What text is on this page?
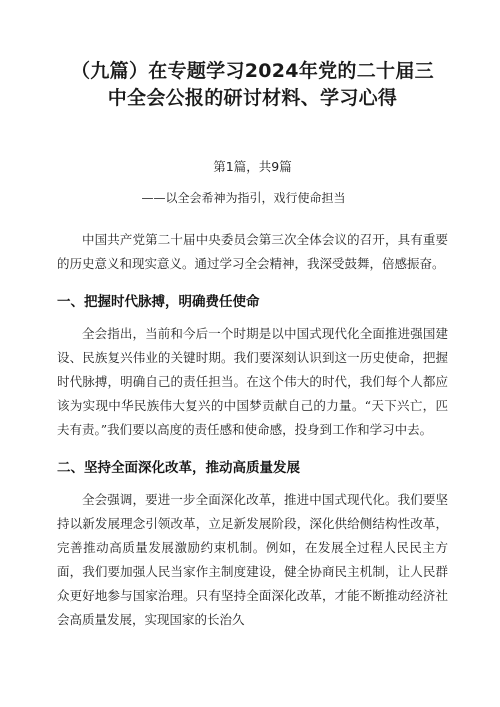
（九篇）在专题学习2024年党的二十届三
中全会公报的研讨材料、学习心得
第1篇，共9篇
——以全会希神为指引，戏行使命担当

中国共产党第二十届中央委员会第三次全体会议的召开，具有重要的历史意义和现实意义。通过学习全会精神，我深受鼓舞，倍感振奋。

一、把握时代脉搏，明确费任使命

全会指出，当前和今后一个时期是以中国式现代化全面推进强国建设、民族复兴伟业的关键时期。我们要深刻认识到这一历史使命，把握时代脉搏，明确自己的责任担当。在这个伟大的时代，我们每个人都应该为实现中华民族伟大复兴的中国梦贡献自己的力量。“天下兴亡，匹夫有责。”我们要以高度的责任感和使命感，投身到工作和学习中去。

二、坚持全面深化改革，推动高质量发展

全会强调，要进一步全面深化改革，推进中国式现代化。我们要坚持以新发展理念引领改革，立足新发展阶段，深化供给侧结构性改革，完善推动高质量发展激励约束机制。例如，在发展全过程人民民主方面，我们要加强人民当家作主制度建设，健全协商民主机制，让人民群众更好地参与国家治理。只有坚持全面深化改革，才能不断推动经济社会高质量发展，实现国家的长治久
